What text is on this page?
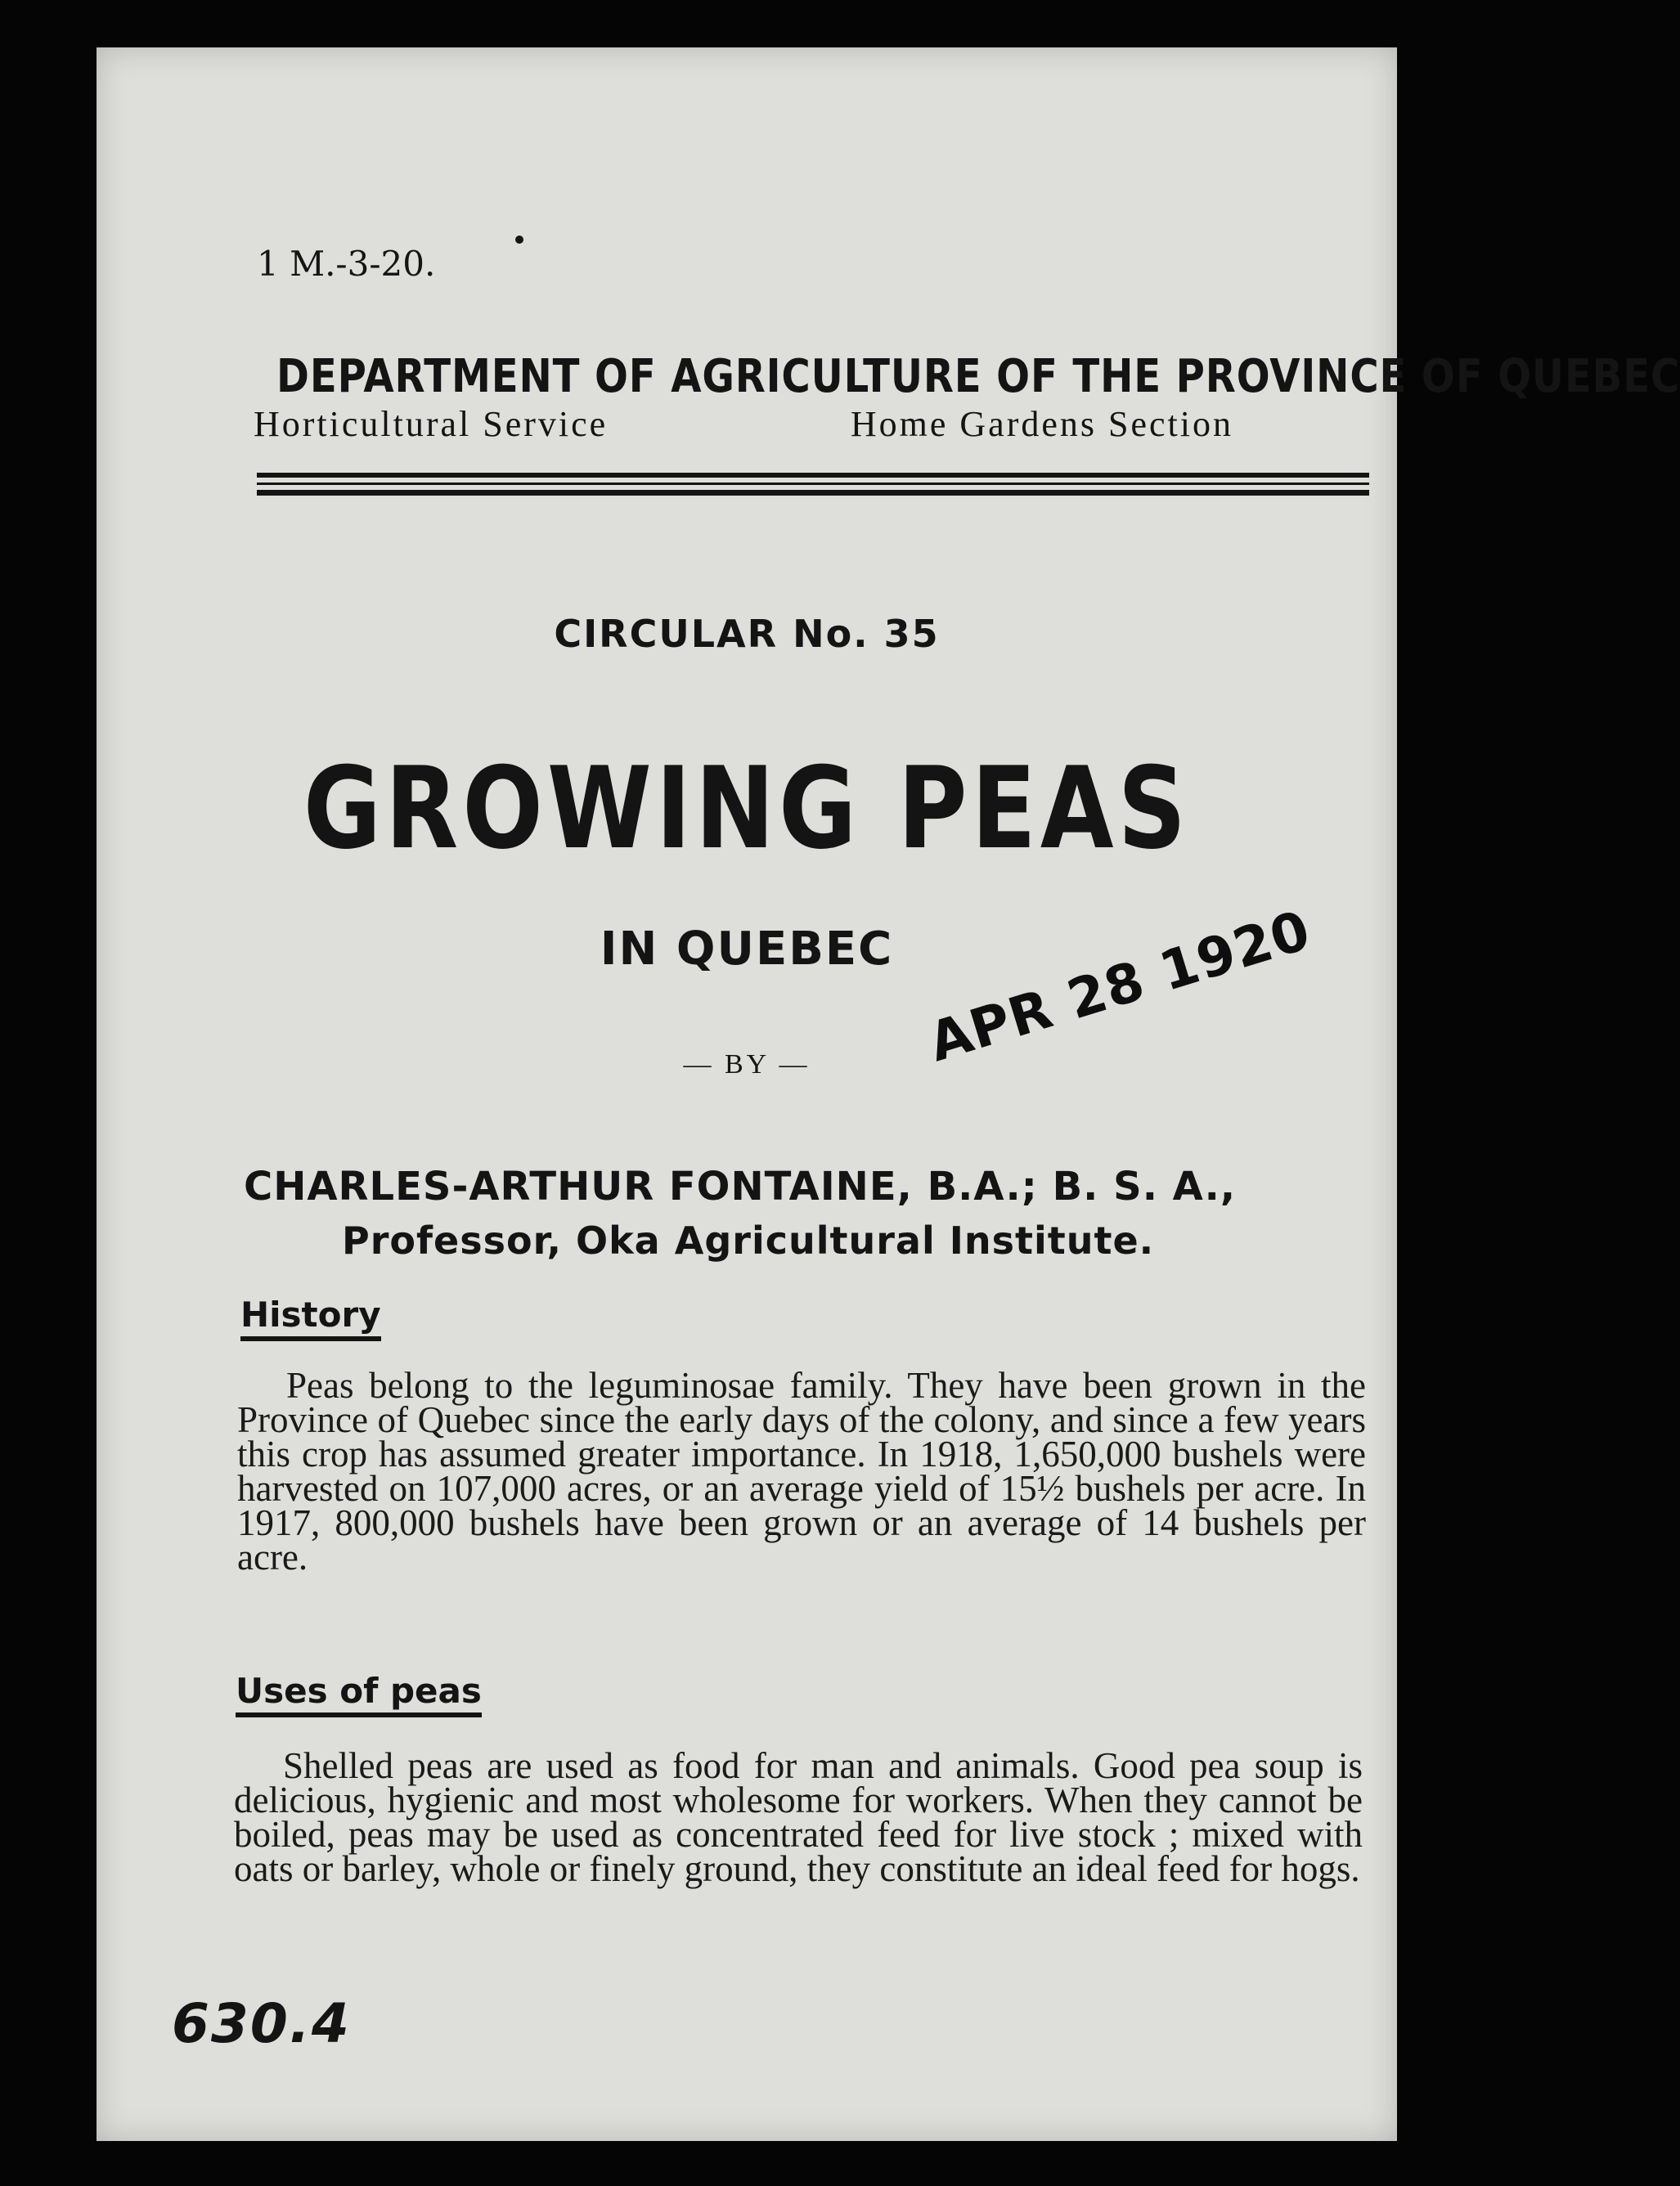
1 M.-3-20.
DEPARTMENT OF AGRICULTURE OF THE PROVINCE OF QUEBEC
Horticultural Service	Home Gardens Section
CIRCULAR No. 35
GROWING PEAS
IN QUEBEC
— BY —	APR 28 1920
CHARLES-ARTHUR FONTAINE, B.A.; B. S. A.,
Professor, Oka Agricultural Institute.
History

Peas belong to the leguminosae family. They have been grown in the Province of Quebec since the early days of the colony, and since a few years this crop has assumed greater importance. In 1918, 1,650,000 bushels were harvested on 107,000 acres, or an average yield of 15½ bushels per acre. In 1917, 800,000 bushels have been grown or an average of 14 bushels per acre.

Uses of peas

Shelled peas are used as food for man and animals. Good pea soup is delicious, hygienic and most wholesome for workers. When they cannot be boiled, peas may be used as concentrated feed for live stock ; mixed with oats or barley, whole or finely ground, they constitute an ideal feed for hogs.

630.4
